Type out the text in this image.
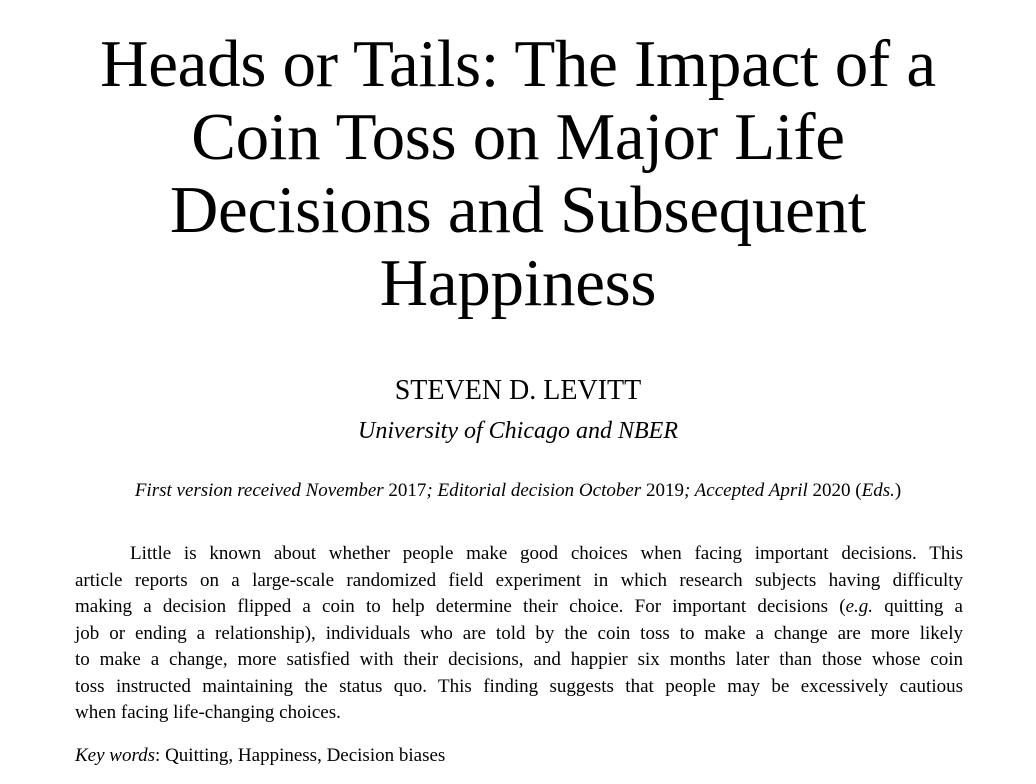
Heads or Tails: The Impact of a
Coin Toss on Major Life
Decisions and Subsequent
Happiness
STEVEN D. LEVITT
University of Chicago and NBER
First version received November 2017; Editorial decision October 2019; Accepted April 2020 (Eds.)
Little is known about whether people make good choices when facing important decisions. This
article reports on a large-scale randomized field experiment in which research subjects having difficulty
making a decision flipped a coin to help determine their choice. For important decisions (e.g. quitting a
job or ending a relationship), individuals who are told by the coin toss to make a change are more likely
to make a change, more satisfied with their decisions, and happier six months later than those whose coin
toss instructed maintaining the status quo. This finding suggests that people may be excessively cautious
when facing life-changing choices.
Key words: Quitting, Happiness, Decision biases
